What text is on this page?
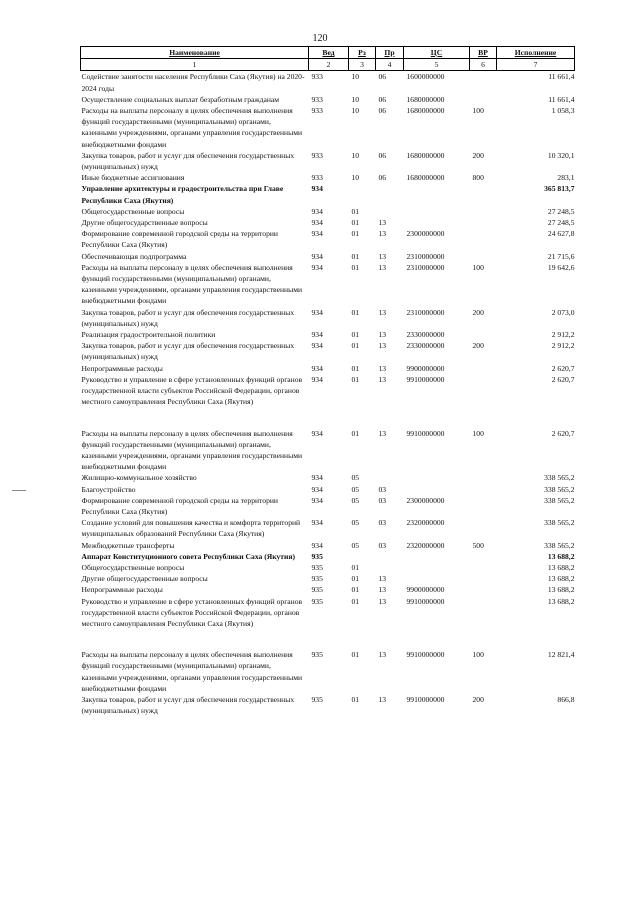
120
Наименование	Вед	Рз	Пр	ЦС	ВР	Исполнение
1	2	3	4	5	6	7
Содействие занятости населения Республики Саха (Якутия) на 2020-2024 годы	933	10	06	1600000000		11 661,4
Осуществление социальных выплат безработным гражданам	933	10	06	1680000000		11 661,4
Расходы на выплаты персоналу в целях обеспечения выполнения функций государственными (муниципальными) органами, казенными учреждениями, органами управления государственными внебюджетными фондами	933	10	06	1680000000	100	1 058,3
Закупка товаров, работ и услуг для обеспечения государственных (муниципальных) нужд	933	10	06	1680000000	200	10 320,1
Иные бюджетные ассигнования	933	10	06	1680000000	800	283,1
Управление архитектуры и градостроительства при Главе Республики Саха (Якутия)	934					365 813,7
Общегосударственные вопросы	934	01				27 248,5
Другие общегосударственные вопросы	934	01	13			27 248,5
Формирование современной городской среды на территории Республики Саха (Якутия)	934	01	13	2300000000		24 627,8
Обеспечивающая подпрограмма	934	01	13	2310000000		21 715,6
Расходы на выплаты персоналу в целях обеспечения выполнения функций государственными (муниципальными) органами, казенными учреждениями, органами управления государственными внебюджетными фондами	934	01	13	2310000000	100	19 642,6
Закупка товаров, работ и услуг для обеспечения государственных (муниципальных) нужд	934	01	13	2310000000	200	2 073,0
Реализация градостроительной политики	934	01	13	2330000000		2 912,2
Закупка товаров, работ и услуг для обеспечения государственных (муниципальных) нужд	934	01	13	2330000000	200	2 912,2
Непрограммные расходы	934	01	13	9900000000		2 620,7
Руководство и управление в сфере установленных функций органов государственной власти субъектов Российской Федерации, органов местного самоуправления Республики Саха (Якутия)	934	01	13	9910000000		2 620,7

Расходы на выплаты персоналу в целях обеспечения выполнения функций государственными (муниципальными) органами, казенными учреждениями, органами управления государственными внебюджетными фондами	934	01	13	9910000000	100	2 620,7
Жилищно-коммунальное хозяйство	934	05				338 565,2
Благоустройство	934	05	03			338 565,2
Формирование современной городской среды на территории Республики Саха (Якутия)	934	05	03	2300000000		338 565,2
Создание условий для повышения качества и комфорта территорий муниципальных образований Республики Саха (Якутия)	934	05	03	2320000000		338 565,2
Межбюджетные трансферты	934	05	03	2320000000	500	338 565,2
Аппарат Конституционного совета Республики Саха (Якутия)	935					13 688,2
Общегосударственные вопросы	935	01				13 688,2
Другие общегосударственные вопросы	935	01	13			13 688,2
Непрограммные расходы	935	01	13	9900000000		13 688,2
Руководство и управление в сфере установленных функций органов государственной власти субъектов Российской Федерации, органов местного самоуправления Республики Саха (Якутия)	935	01	13	9910000000		13 688,2

Расходы на выплаты персоналу в целях обеспечения выполнения функций государственными (муниципальными) органами, казенными учреждениями, органами управления государственными внебюджетными фондами	935	01	13	9910000000	100	12 821,4
Закупка товаров, работ и услуг для обеспечения государственных (муниципальных) нужд	935	01	13	9910000000	200	866,8
